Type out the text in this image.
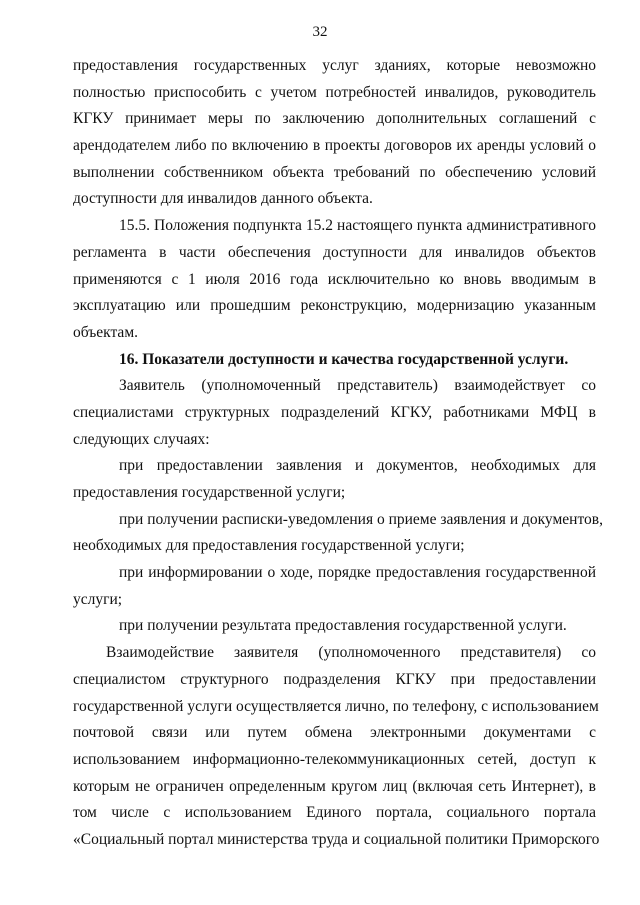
32
предоставления государственных услуг зданиях, которые невозможно
полностью приспособить с учетом потребностей инвалидов, руководитель
КГКУ принимает меры по заключению дополнительных соглашений с
арендодателем либо по включению в проекты договоров их аренды условий о
выполнении собственником объекта требований по обеспечению условий
доступности для инвалидов данного объекта.
15.5. Положения подпункта 15.2 настоящего пункта административного
регламента в части обеспечения доступности для инвалидов объектов
применяются с 1 июля 2016 года исключительно ко вновь вводимым в
эксплуатацию или прошедшим реконструкцию, модернизацию указанным
объектам.
16. Показатели доступности и качества государственной услуги.
Заявитель (уполномоченный представитель) взаимодействует со
специалистами структурных подразделений КГКУ, работниками МФЦ в
следующих случаях:
при предоставлении заявления и документов, необходимых для
предоставления государственной услуги;
при получении расписки-уведомления о приеме заявления и документов,
необходимых для предоставления государственной услуги;
при информировании о ходе, порядке предоставления государственной
услуги;
при получении результата предоставления государственной услуги.
Взаимодействие заявителя (уполномоченного представителя) со
специалистом структурного подразделения КГКУ при предоставлении
государственной услуги осуществляется лично, по телефону, с использованием
почтовой связи или путем обмена электронными документами с
использованием информационно-телекоммуникационных сетей, доступ к
которым не ограничен определенным кругом лиц (включая сеть Интернет), в
том числе с использованием Единого портала, социального портала
«Социальный портал министерства труда и социальной политики Приморского
